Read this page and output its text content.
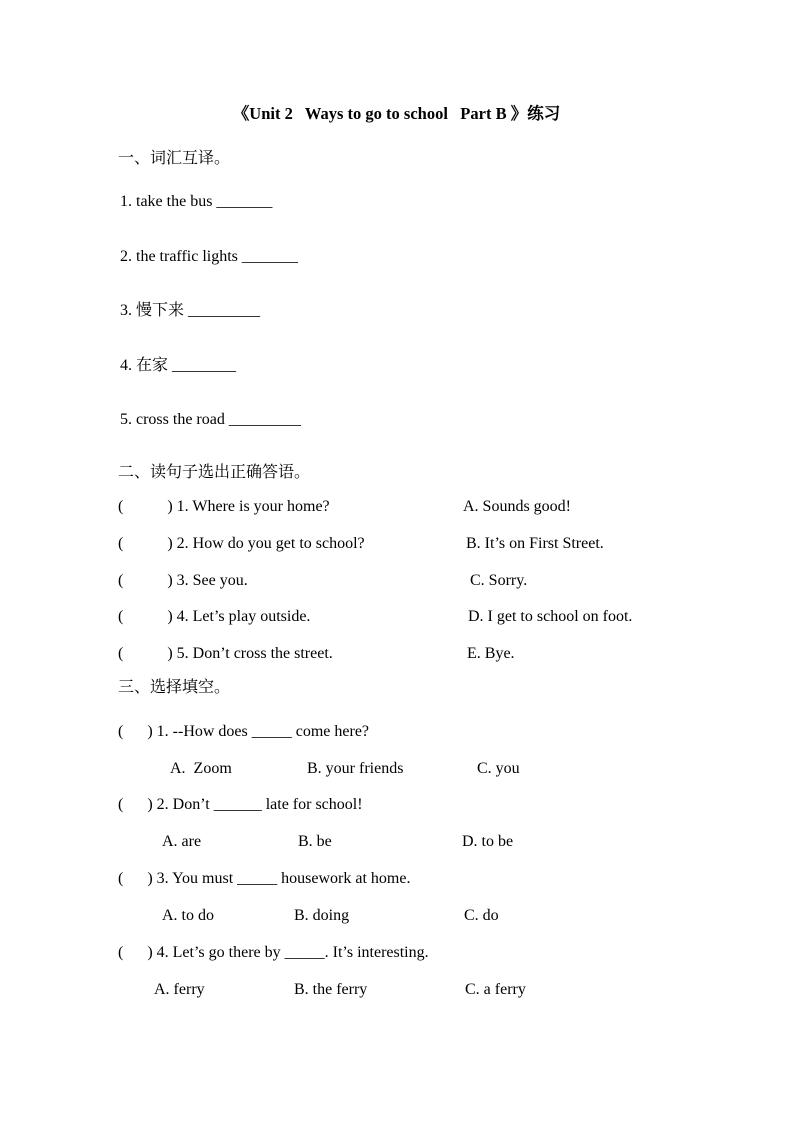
《Unit 2   Ways to go to school   Part B 》练习
一、词汇互译。
1. take the bus _______
2. the traffic lights _______
3. 慢下来 _________
4. 在家 ________
5. cross the road _________
二、读句子选出正确答语。
(           ) 1. Where is your home?	A. Sounds good!
(           ) 2. How do you get to school?	B. It’s on First Street.
(           ) 3. See you.	C. Sorry.
(           ) 4. Let’s play outside.	D. I get to school on foot.
(           ) 5. Don’t cross the street.	E. Bye.
三、选择填空。
(      ) 1. --How does _____ come here?
A.  Zoom	B. your friends	C. you
(      ) 2. Don’t ______ late for school!
A. are	B. be	D. to be
(      ) 3. You must _____ housework at home.
A. to do	B. doing	C. do
(      ) 4. Let’s go there by _____. It’s interesting.
A. ferry	B. the ferry	C. a ferry
